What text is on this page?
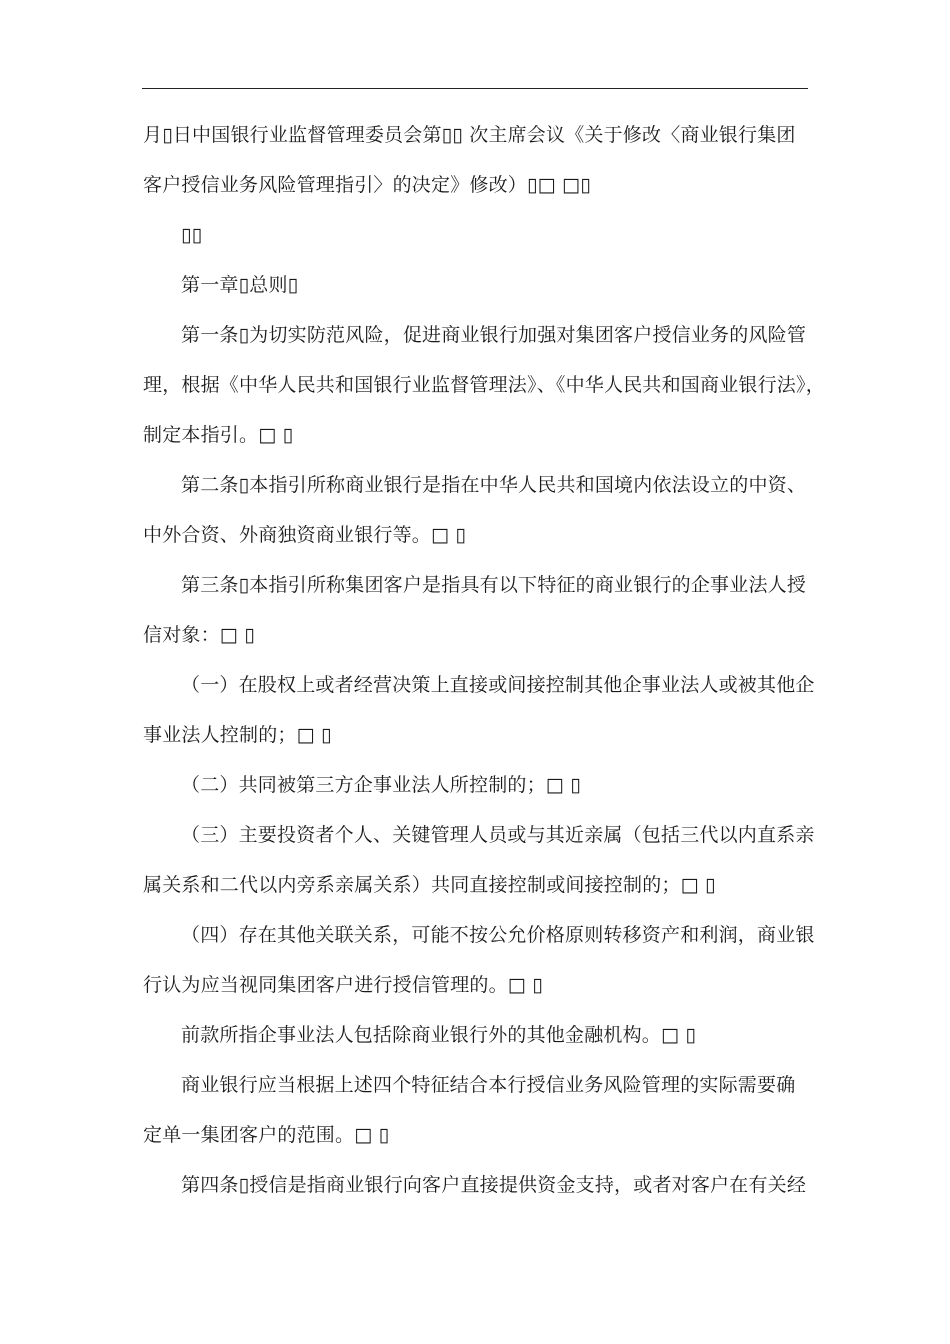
月▯日中国银行业监督管理委员会第▯▯ 次主席会议《关于修改〈商业银行集团
客户授信业务风险管理指引〉的决定》修改）▯□ □▯
▯▯
第一章▯总则▯
第一条▯为切实防范风险，促进商业银行加强对集团客户授信业务的风险管
理，根据《中华人民共和国银行业监督管理法》、《中华人民共和国商业银行法》，
制定本指引。□ ▯
第二条▯本指引所称商业银行是指在中华人民共和国境内依法设立的中资、
中外合资、外商独资商业银行等。□ ▯
第三条▯本指引所称集团客户是指具有以下特征的商业银行的企事业法人授
信对象：□ ▯
（一）在股权上或者经营决策上直接或间接控制其他企事业法人或被其他企
事业法人控制的；□ ▯
（二）共同被第三方企事业法人所控制的；□ ▯
（三）主要投资者个人、关键管理人员或与其近亲属（包括三代以内直系亲
属关系和二代以内旁系亲属关系）共同直接控制或间接控制的；□ ▯
（四）存在其他关联关系，可能不按公允价格原则转移资产和利润，商业银
行认为应当视同集团客户进行授信管理的。□ ▯
前款所指企事业法人包括除商业银行外的其他金融机构。□ ▯
商业银行应当根据上述四个特征结合本行授信业务风险管理的实际需要确
定单一集团客户的范围。□ ▯
第四条▯授信是指商业银行向客户直接提供资金支持，或者对客户在有关经
